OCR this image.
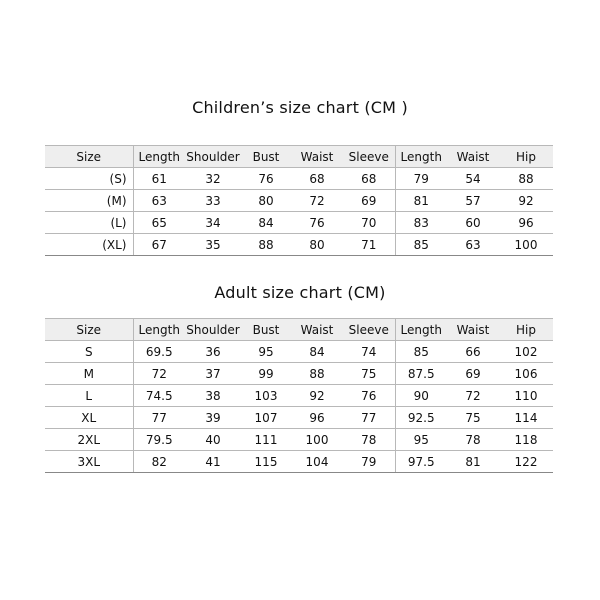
Children’s size chart (CM )
Size	Length	Shoulder	Bust	Waist	Sleeve	Length	Waist	Hip
(S)	61	32	76	68	68	79	54	88
(M)	63	33	80	72	69	81	57	92
(L)	65	34	84	76	70	83	60	96
(XL)	67	35	88	80	71	85	63	100
Adult size chart (CM)
Size	Length	Shoulder	Bust	Waist	Sleeve	Length	Waist	Hip
S	69.5	36	95	84	74	85	66	102
M	72	37	99	88	75	87.5	69	106
L	74.5	38	103	92	76	90	72	110
XL	77	39	107	96	77	92.5	75	114
2XL	79.5	40	111	100	78	95	78	118
3XL	82	41	115	104	79	97.5	81	122
